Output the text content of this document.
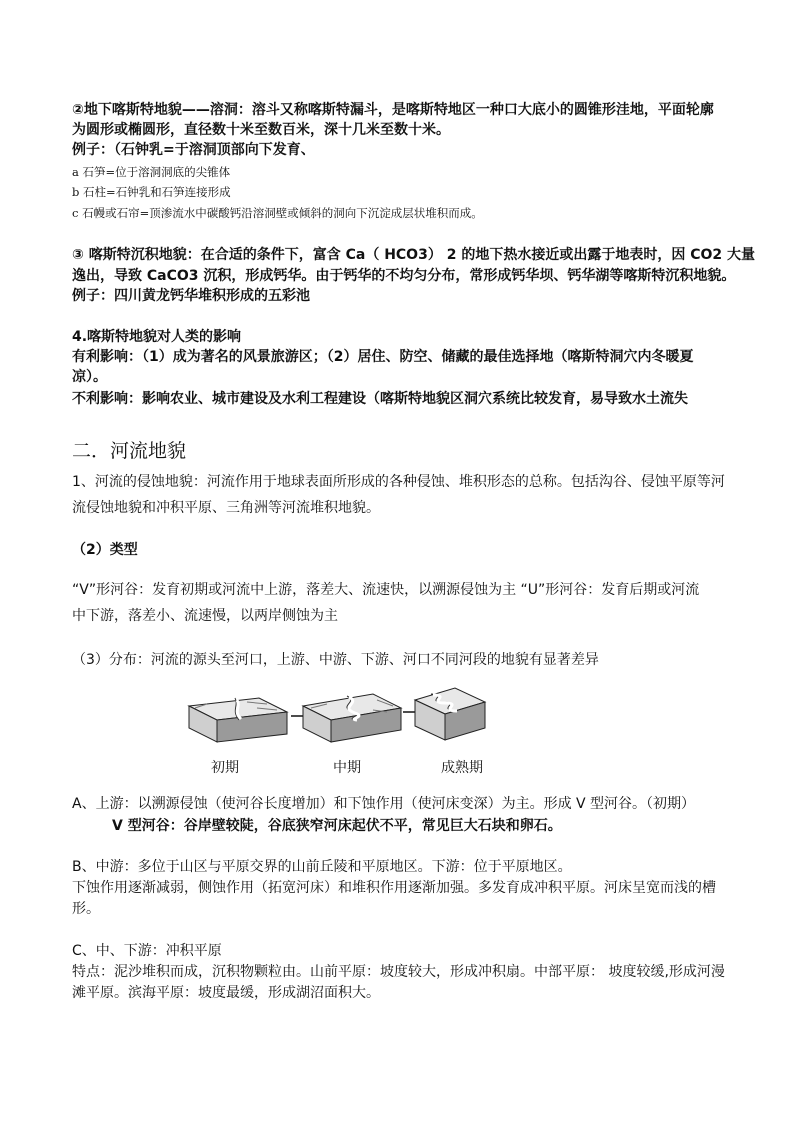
②地下喀斯特地貌——溶洞：溶斗又称喀斯特漏斗，是喀斯特地区一种口大底小的圆锥形洼地，平面轮廓
为圆形或椭圆形，直径数十米至数百米，深十几米至数十米。
例子：（石钟乳=于溶洞顶部向下发育、
a 石笋=位于溶洞洞底的尖锥体
b 石柱=石钟乳和石笋连接形成
c 石幔或石帘=顶渗流水中碳酸钙沿溶洞壁或倾斜的洞向下沉淀成层状堆积而成。
③ 喀斯特沉积地貌：在合适的条件下，富含 Ca（ HCO3） 2 的地下热水接近或出露于地表时，因 CO2 大量
逸出，导致 CaCO3 沉积，形成钙华。由于钙华的不均匀分布，常形成钙华坝、钙华湖等喀斯特沉积地貌。
例子：四川黄龙钙华堆积形成的五彩池
4.喀斯特地貌对人类的影响
有利影响：（1）成为著名的风景旅游区；（2）居住、防空、储藏的最佳选择地（喀斯特洞穴内冬暖夏
凉）。
不利影响：影响农业、城市建设及水利工程建设（喀斯特地貌区洞穴系统比较发育，易导致水土流失
二．河流地貌
1、河流的侵蚀地貌：河流作用于地球表面所形成的各种侵蚀、堆积形态的总称。包括沟谷、侵蚀平原等河
流侵蚀地貌和冲积平原、三角洲等河流堆积地貌。
（2）类型
“V”形河谷：发育初期或河流中上游，落差大、流速快，以溯源侵蚀为主 “U”形河谷：发育后期或河流
中下游，落差小、流速慢，以两岸侧蚀为主
（3）分布：河流的源头至河口，上游、中游、下游、河口不同河段的地貌有显著差异
初期	中期	成熟期
A、上游：以溯源侵蚀（使河谷长度增加）和下蚀作用（使河床变深）为主。形成 V 型河谷。（初期）
V 型河谷：谷岸壁较陡，谷底狭窄河床起伏不平，常见巨大石块和卵石。
B、中游：多位于山区与平原交界的山前丘陵和平原地区。下游：位于平原地区。
下蚀作用逐渐减弱，侧蚀作用（拓宽河床）和堆积作用逐渐加强。多发育成冲积平原。河床呈宽而浅的槽
形。
C、中、下游：冲积平原
特点：泥沙堆积而成，沉积物颗粒由。山前平原：坡度较大，形成冲积扇。中部平原： 坡度较缓,形成河漫
滩平原。滨海平原：坡度最缓，形成湖沼面积大。
